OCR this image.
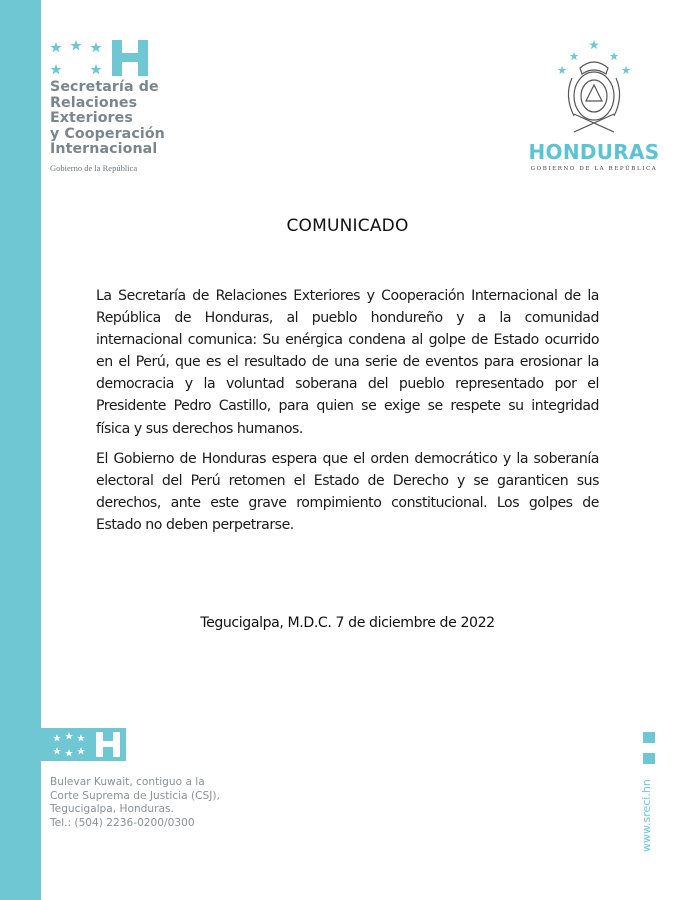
Secretaría de
Relaciones
Exteriores
y Cooperación
Internacional
Gobierno de la República
HONDURAS
GOBIERNO DE LA REPÚBLICA
COMUNICADO

La Secretaría de Relaciones Exteriores y Cooperación Internacional de la República de Honduras, al pueblo hondureño y a la comunidad internacional comunica: Su enérgica condena al golpe de Estado ocurrido en el Perú, que es el resultado de una serie de eventos para erosionar la democracia y la voluntad soberana del pueblo representado por el Presidente Pedro Castillo, para quien se exige se respete su integridad física y sus derechos humanos.

El Gobierno de Honduras espera que el orden democrático y la soberanía electoral del Perú retomen el Estado de Derecho y se garanticen sus derechos, ante este grave rompimiento constitucional. Los golpes de Estado no deben perpetrarse.

Tegucigalpa, M.D.C. 7 de diciembre de 2022
Bulevar Kuwait, contiguo a la
Corte Suprema de Justicia (CSJ),
Tegucigalpa, Honduras.
Tel.: (504) 2236-0200/0300	www.sreci.hn
